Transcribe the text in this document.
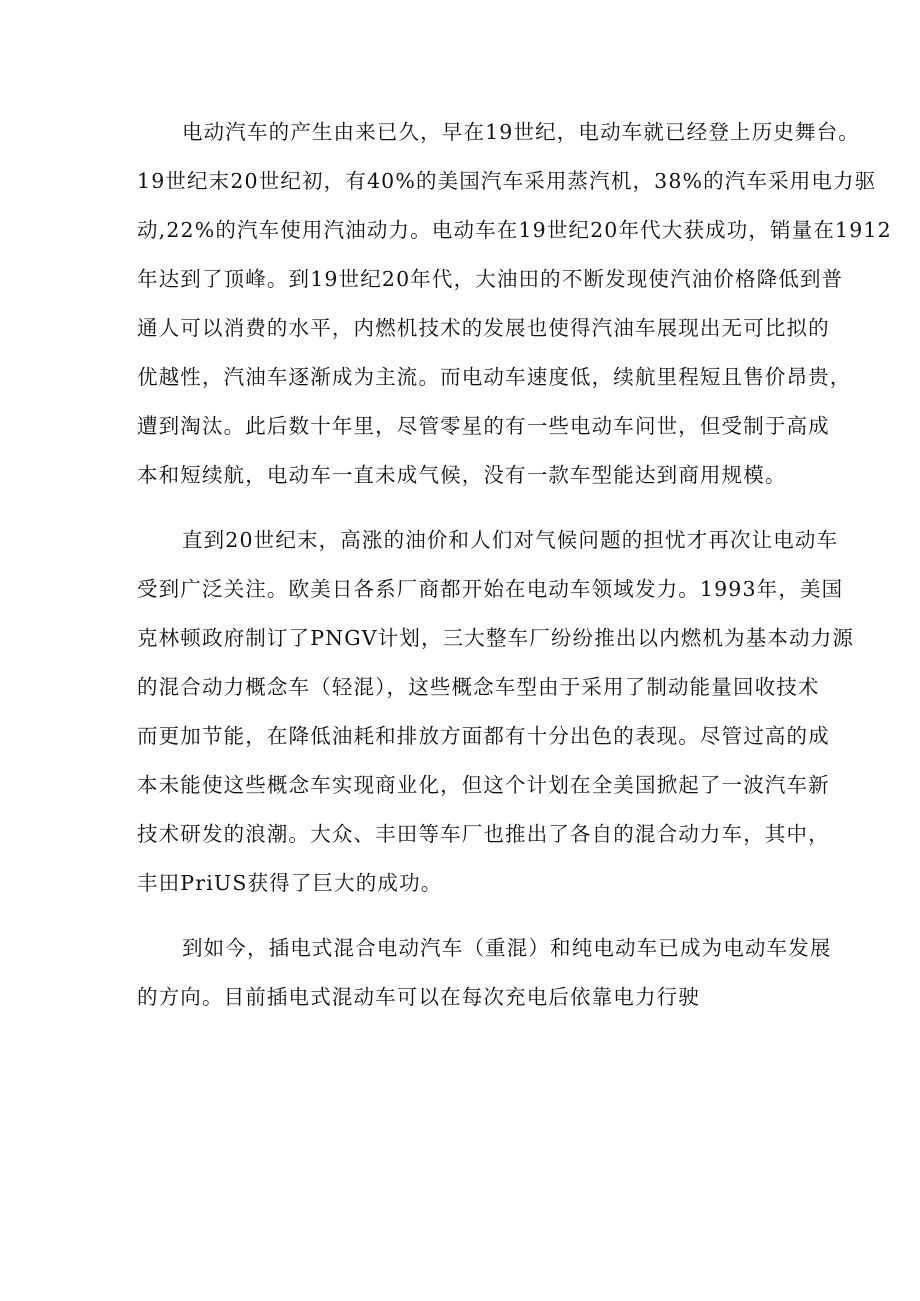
电动汽车的产生由来已久，早在19世纪，电动车就已经登上历史舞台。
19世纪末20世纪初，有40%的美国汽车采用蒸汽机，38%的汽车采用电力驱
动,22%的汽车使用汽油动力。电动车在19世纪20年代大获成功，销量在1912
年达到了顶峰。到19世纪20年代，大油田的不断发现使汽油价格降低到普
通人可以消费的水平，内燃机技术的发展也使得汽油车展现出无可比拟的
优越性，汽油车逐渐成为主流。而电动车速度低，续航里程短且售价昂贵，
遭到淘汰。此后数十年里，尽管零星的有一些电动车问世，但受制于高成
本和短续航，电动车一直未成气候，没有一款车型能达到商用规模。
直到20世纪末，高涨的油价和人们对气候问题的担忧才再次让电动车
受到广泛关注。欧美日各系厂商都开始在电动车领域发力。1993年，美国
克林顿政府制订了PNGV计划，三大整车厂纷纷推出以内燃机为基本动力源
的混合动力概念车（轻混），这些概念车型由于采用了制动能量回收技术
而更加节能，在降低油耗和排放方面都有十分出色的表现。尽管过高的成
本未能使这些概念车实现商业化，但这个计划在全美国掀起了一波汽车新
技术研发的浪潮。大众、丰田等车厂也推出了各自的混合动力车，其中，
丰田PriUS获得了巨大的成功。
到如今，插电式混合电动汽车（重混）和纯电动车已成为电动车发展
的方向。目前插电式混动车可以在每次充电后依靠电力行驶
